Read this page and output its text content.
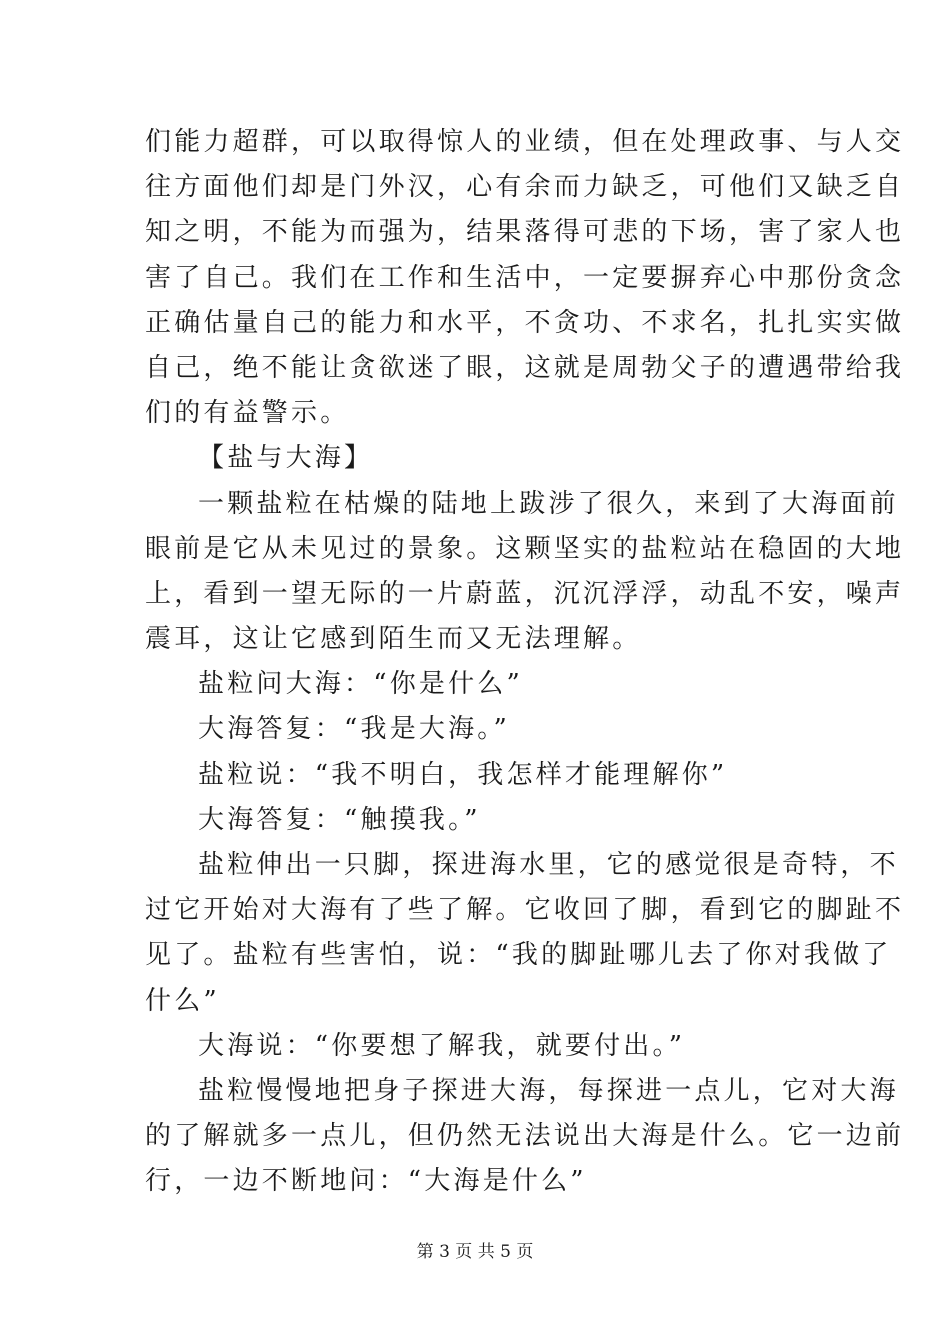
们能力超群，可以取得惊人的业绩，但在处理政事、与人交
往方面他们却是门外汉，心有余而力缺乏，可他们又缺乏自
知之明，不能为而强为，结果落得可悲的下场，害了家人也
害了自己。我们在工作和生活中，一定要摒弃心中那份贪念
正确估量自己的能力和水平，不贪功、不求名，扎扎实实做
自己，绝不能让贪欲迷了眼，这就是周勃父子的遭遇带给我
们的有益警示。
【盐与大海】
一颗盐粒在枯燥的陆地上跋涉了很久，来到了大海面前
眼前是它从未见过的景象。这颗坚实的盐粒站在稳固的大地
上，看到一望无际的一片蔚蓝，沉沉浮浮，动乱不安，噪声
震耳，这让它感到陌生而又无法理解。
盐粒问大海：“你是什么”
大海答复：“我是大海。”
盐粒说：“我不明白，我怎样才能理解你”
大海答复：“触摸我。”
盐粒伸出一只脚，探进海水里，它的感觉很是奇特，不
过它开始对大海有了些了解。它收回了脚，看到它的脚趾不
见了。盐粒有些害怕，说：“我的脚趾哪儿去了你对我做了
什么”
大海说：“你要想了解我，就要付出。”
盐粒慢慢地把身子探进大海，每探进一点儿，它对大海
的了解就多一点儿，但仍然无法说出大海是什么。它一边前
行，一边不断地问：“大海是什么”
第 3 页 共 5 页
